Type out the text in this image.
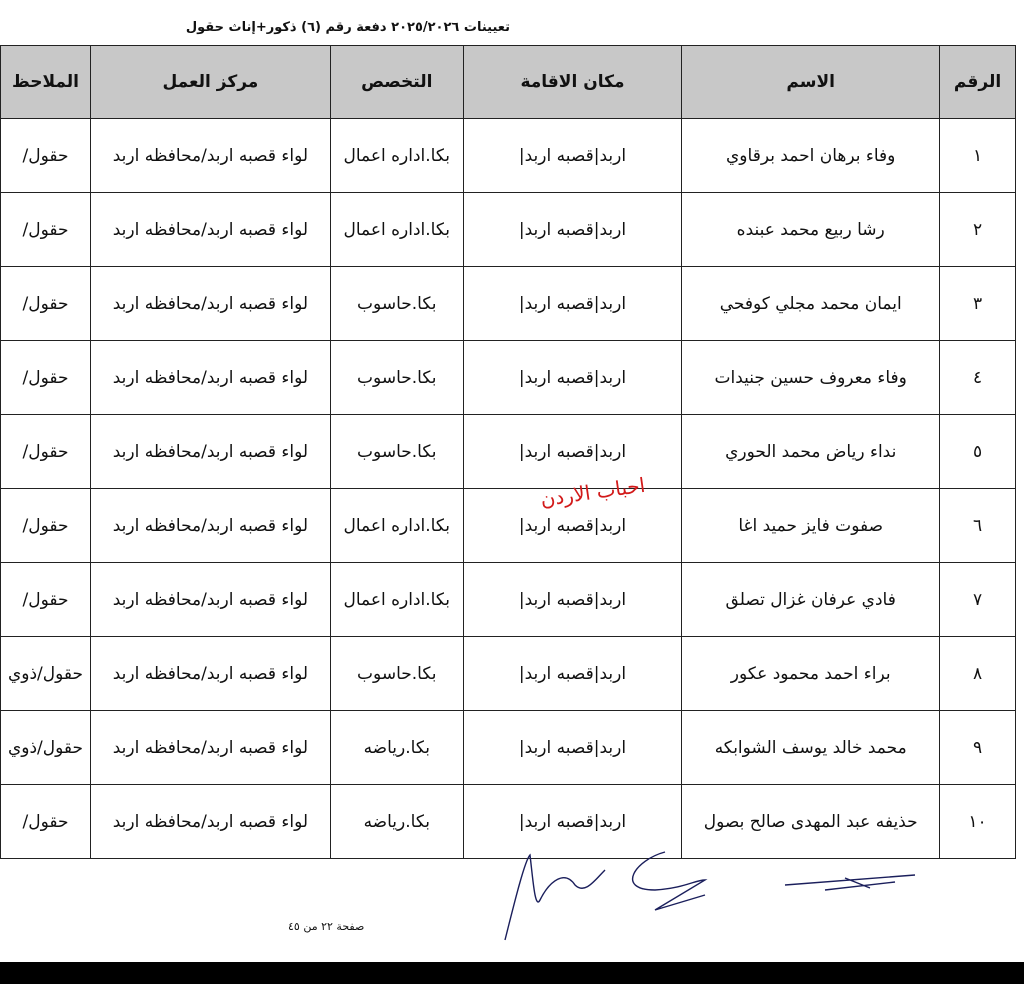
تعيينات ٢٠٢٥/٢٠٢٦ دفعة رقم (٦) ذكور+إناث حقول
الرقم	الاسم	مكان الاقامة	التخصص	مركز العمل	الملاحظ
١	وفاء برهان احمد برقاوي	اربد|قصبه اربد|	بكا.اداره اعمال	لواء قصبه اربد/محافظه اربد	حقول/
٢	رشا ربيع محمد عبنده	اربد|قصبه اربد|	بكا.اداره اعمال	لواء قصبه اربد/محافظه اربد	حقول/
٣	ايمان محمد مجلي كوفحي	اربد|قصبه اربد|	بكا.حاسوب	لواء قصبه اربد/محافظه اربد	حقول/
٤	وفاء معروف حسين جنيدات	اربد|قصبه اربد|	بكا.حاسوب	لواء قصبه اربد/محافظه اربد	حقول/
٥	نداء رياض محمد الحوري	اربد|قصبه اربد|	بكا.حاسوب	لواء قصبه اربد/محافظه اربد	حقول/
٦	صفوت فايز حميد اغا	اربد|قصبه اربد|	بكا.اداره اعمال	لواء قصبه اربد/محافظه اربد	حقول/
٧	فادي عرفان غزال تصلق	اربد|قصبه اربد|	بكا.اداره اعمال	لواء قصبه اربد/محافظه اربد	حقول/
٨	براء احمد محمود عكور	اربد|قصبه اربد|	بكا.حاسوب	لواء قصبه اربد/محافظه اربد	حقول/ذوي
٩	محمد خالد يوسف الشوابكه	اربد|قصبه اربد|	بكا.رياضه	لواء قصبه اربد/محافظه اربد	حقول/ذوي
١٠	حذيفه عبد المهدى صالح بصول	اربد|قصبه اربد|	بكا.رياضه	لواء قصبه اربد/محافظه اربد	حقول/
احباب الاردن
صفحة ٢٢ من ٤٥
